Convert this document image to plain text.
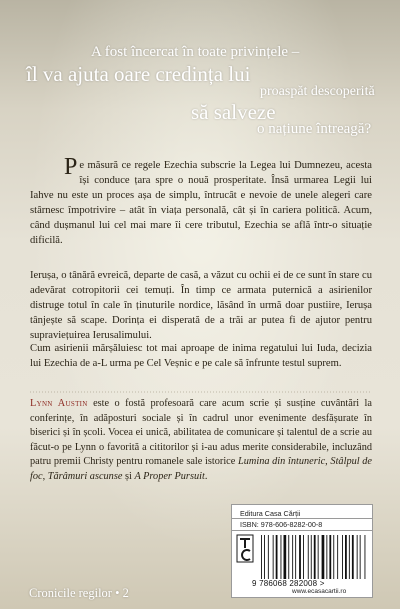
A fost încercat în toate privințele –
îl va ajuta oare credința lui
proaspăt descoperită
să salveze
o națiune întreagă?
Pe măsură ce regele Ezechia subscrie la Legea lui Dumnezeu, acesta își conduce țara spre o nouă prosperitate. Însă urmarea Legii lui Iahve nu este un proces așa de simplu, întrucât e nevoie de unele alegeri care stârnesc împotrivire – atât în viața personală, cât și în cariera politică. Acum, când dușmanul lui cel mai mare îi cere tributul, Ezechia se află într-o situație dificilă.
Ierușa, o tânără evreică, departe de casă, a văzut cu ochii ei de ce sunt în stare cu adevărat cotropitorii cei temuți. În timp ce armata puternică a asirienilor distruge totul în cale în ținuturile nordice, lăsând în urmă doar pustiire, Ierușa tânjește să scape. Dorința ei disperată de a trăi ar putea fi de ajutor pentru supraviețuirea Ierusalimului.
Cum asirienii mărșăluiesc tot mai aproape de inima regatului lui Iuda, decizia lui Ezechia de a-L urma pe Cel Veșnic e pe cale să înfrunte testul suprem.
Lynn Austin este o fostă profesoară care acum scrie și susține cuvântări la conferințe, în adăposturi sociale și în cadrul unor evenimente desfășurate în biserici și în școli. Vocea ei unică, abilitatea de comunicare și talentul de a scrie au făcut-o pe Lynn o favorită a cititorilor și i-au adus merite considerabile, incluzând patru premii Christy pentru romanele sale istorice Lumina din întuneric, Stâlpul de foc, Tărâmuri ascunse și A Proper Pursuit.
Editura Casa Cărții
ISBN: 978-606-8282-00-8
9 786068 282008 >
www.ecasacartii.ro
Cronicile regilor • 2
